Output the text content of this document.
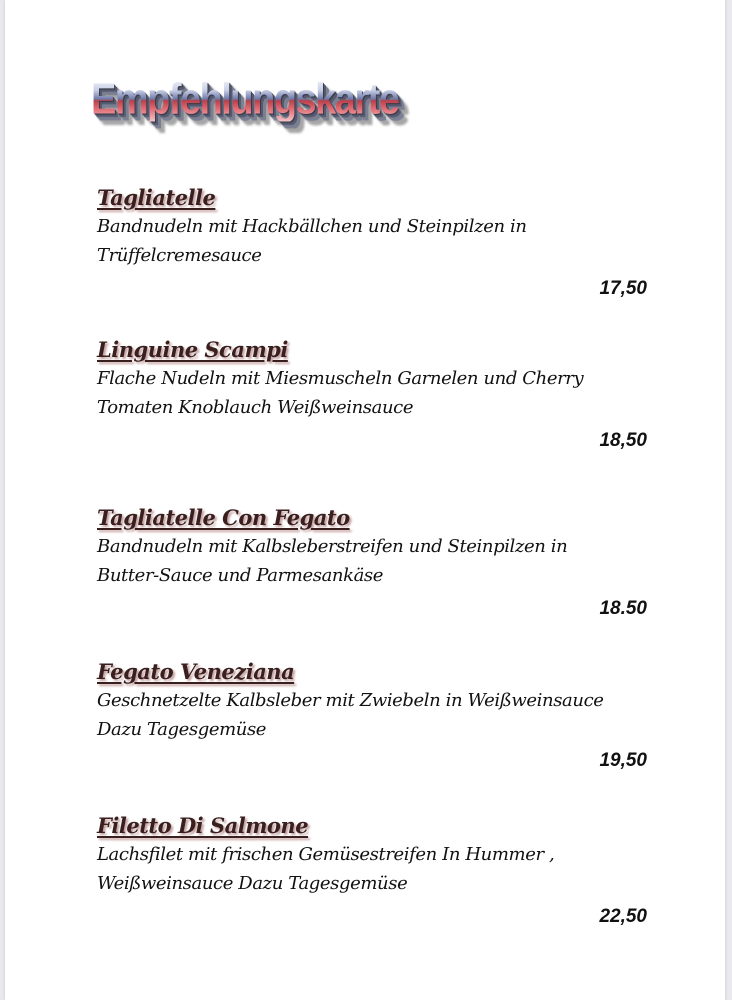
Empfehlungskarte
Tagliatelle
Bandnudeln mit Hackbällchen und Steinpilzen in
Trüffelcremesauce
17,50
Linguine Scampi
Flache Nudeln mit Miesmuscheln Garnelen und Cherry
Tomaten Knoblauch Weißweinsauce
18,50
Tagliatelle Con Fegato
Bandnudeln mit Kalbsleberstreifen und Steinpilzen in
Butter-Sauce und Parmesankäse
18.50
Fegato Veneziana
Geschnetzelte Kalbsleber mit Zwiebeln in Weißweinsauce
Dazu Tagesgemüse
19,50
Filetto Di Salmone
Lachsfilet mit frischen Gemüsestreifen In Hummer ,
Weißweinsauce Dazu Tagesgemüse
22,50
